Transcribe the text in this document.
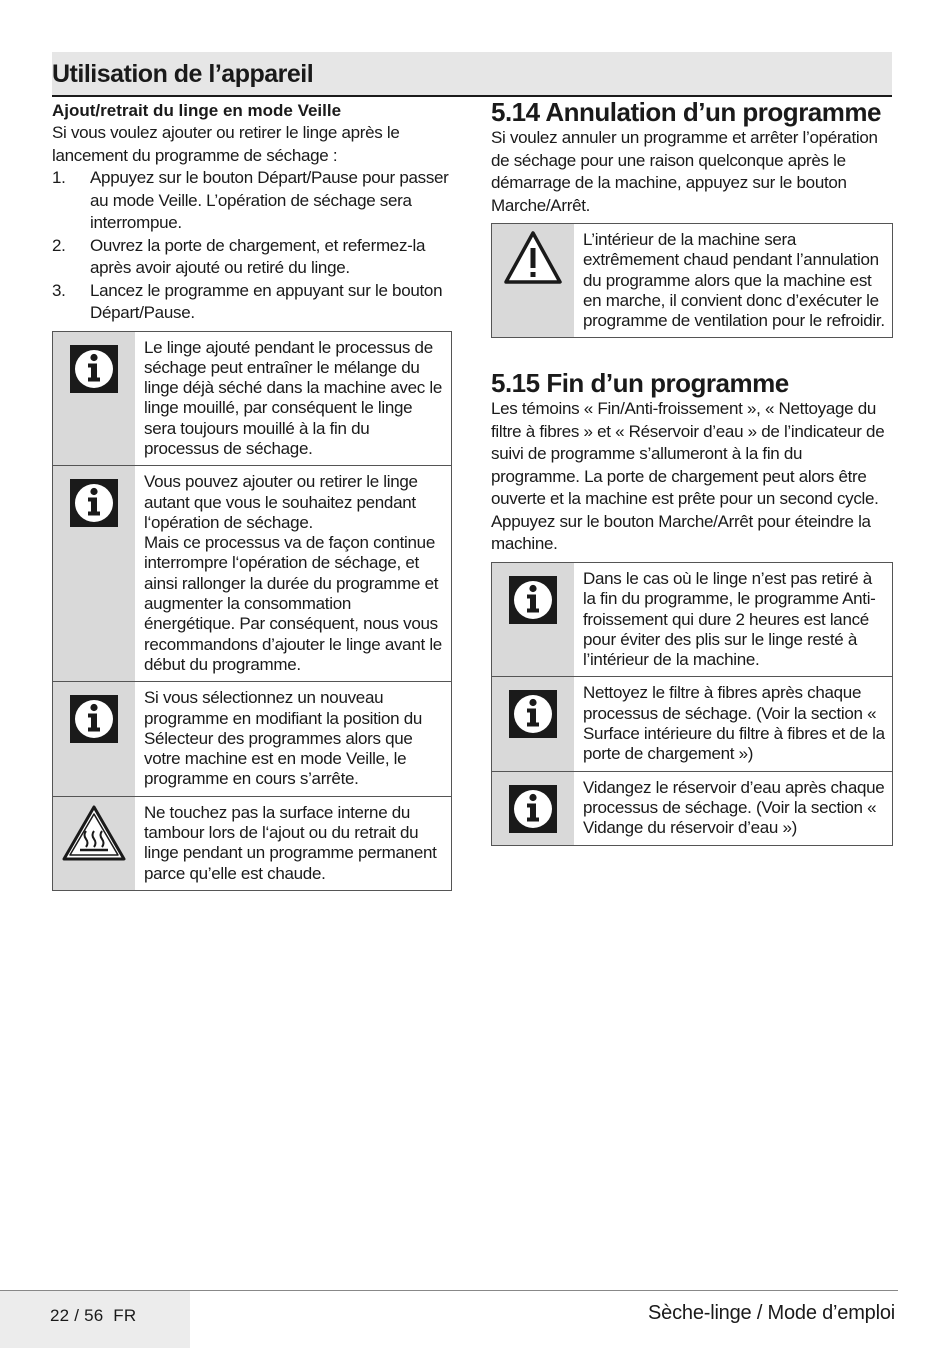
Utilisation de l’appareil
Ajout/retrait du linge en mode Veille
Si vous voulez ajouter ou retirer le linge après le lancement du programme de séchage :
1. Appuyez sur le bouton Départ/Pause pour passer au mode Veille. L’opération de séchage sera interrompue.
2. Ouvrez la porte de chargement, et refermez-la après avoir ajouté ou retiré du linge.
3. Lancez le programme en appuyant sur le bouton Départ/Pause.
Le linge ajouté pendant le processus de séchage peut entraîner le mélange du linge déjà séché dans la machine avec le linge mouillé, par conséquent le linge sera toujours mouillé à la fin du processus de séchage.
Vous pouvez ajouter ou retirer le linge autant que vous le souhaitez pendant l‘opération de séchage.
Mais ce processus va de façon continue interrompre l‘opération de séchage, et ainsi rallonger la durée du programme et augmenter la consommation énergétique. Par conséquent, nous vous recommandons d’ajouter le linge avant le début du programme.
Si vous sélectionnez un nouveau programme en modifiant la position du Sélecteur des programmes alors que votre machine est en mode Veille, le programme en cours s’arrête.
Ne touchez pas la surface interne du tambour lors de l‘ajout ou du retrait du linge pendant un programme permanent parce qu’elle est chaude.
5.14 Annulation d’un programme
Si voulez annuler un programme et arrêter l’opération de séchage pour une raison quelconque après le démarrage de la machine, appuyez sur le bouton Marche/Arrêt.
L’intérieur de la machine sera extrêmement chaud pendant l’annulation du programme alors que la machine est en marche, il convient donc d’exécuter le programme de ventilation pour le refroidir.
5.15 Fin d’un programme
Les témoins « Fin/Anti-froissement », « Nettoyage du filtre à fibres » et « Réservoir d’eau » de l’indicateur de suivi de programme s’allumeront à la fin du programme. La porte de chargement peut alors être ouverte et la machine est prête pour un second cycle.
Appuyez sur le bouton Marche/Arrêt pour éteindre la machine.
Dans le cas où le linge n’est pas retiré à la fin du programme, le programme Anti-froissement qui dure 2 heures est lancé pour éviter des plis sur le linge resté à l’intérieur de la machine.
Nettoyez le filtre à fibres après chaque processus de séchage. (Voir la section « Surface intérieure du filtre à fibres et de la porte de chargement »)
Vidangez le réservoir d’eau après chaque processus de séchage. (Voir la section « Vidange du réservoir d’eau »)
22 / 56 FR	Sèche-linge / Mode d’emploi
